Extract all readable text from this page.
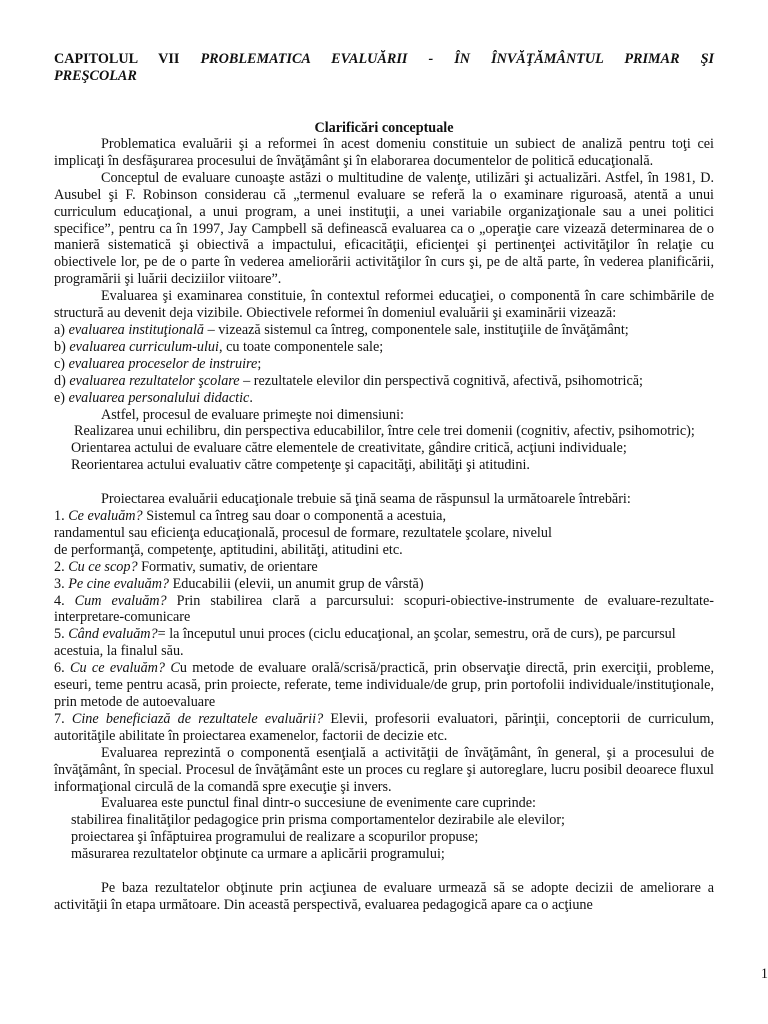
CAPITOLUL VII PROBLEMATICA EVALUĂRII - ÎN ÎNVĂŢĂMÂNTUL PRIMAR ŞI
PREŞCOLAR
Clarificări conceptuale

Problematica evaluării şi a reformei în acest domeniu constituie un subiect de analiză pentru toţi cei implicaţi în desfăşurarea procesului de învăţământ şi în elaborarea documentelor de politică educaţională.

Conceptul de evaluare cunoaşte astăzi o multitudine de valenţe, utilizări şi actualizări. Astfel, în 1981, D. Ausubel şi F. Robinson considerau că „termenul evaluare se referă la o examinare riguroasă, atentă a unui curriculum educaţional, a unui program, a unei instituţii, a unei variabile organizaţionale sau a unei politici specifice”, pentru ca în 1997, Jay Campbell să definească evaluarea ca o „operaţie care vizează determinarea de o manieră sistematică şi obiectivă a impactului, eficacităţii, eficienţei şi pertinenţei activităţilor în relaţie cu obiectivele lor, pe de o parte în vederea ameliorării activităţilor în curs şi, pe de altă parte, în vederea planificării, programării şi luării deciziilor viitoare”.

Evaluarea şi examinarea constituie, în contextul reformei educaţiei, o componentă în care schimbările de structură au devenit deja vizibile. Obiectivele reformei în domeniul evaluării şi examinării vizează:

a) evaluarea instituţională – vizează sistemul ca întreg, componentele sale, instituţiile de învăţământ;

b) evaluarea curriculum-ului, cu toate componentele sale;

c) evaluarea proceselor de instruire;

d) evaluarea rezultatelor şcolare – rezultatele elevilor din perspectivă cognitivă, afectivă, psihomotrică;

e) evaluarea personalului didactic.

Astfel, procesul de evaluare primeşte noi dimensiuni:

Realizarea unui echilibru, din perspectiva educabililor, între cele trei domenii (cognitiv, afectiv, psihomotric);

Orientarea actului de evaluare către elementele de creativitate, gândire critică, acţiuni individuale;

Reorientarea actului evaluativ către competenţe şi capacităţi, abilităţi şi atitudini.

Proiectarea evaluării educaţionale trebuie să ţină seama de răspunsul la următoarele întrebări:

1. Ce evaluăm? Sistemul ca întreg sau doar o componentă a acestuia,

randamentul sau eficienţa educaţională, procesul de formare, rezultatele şcolare, nivelul

de performanţă, competenţe, aptitudini, abilităţi, atitudini etc.

2. Cu ce scop? Formativ, sumativ, de orientare

3. Pe cine evaluăm? Educabilii (elevii, un anumit grup de vârstă)

4. Cum evaluăm? Prin stabilirea clară a parcursului: scopuri-obiective-instrumente de evaluare-rezultate-interpretare-comunicare

5. Când evaluăm?= la începutul unui proces (ciclu educaţional, an şcolar, semestru, oră de curs), pe parcursul acestuia, la finalul său.

6. Cu ce evaluăm? Cu metode de evaluare orală/scrisă/practică, prin observaţie directă, prin exerciţii, probleme, eseuri, teme pentru acasă, prin proiecte, referate, teme individuale/de grup, prin portofolii individuale/instituţionale, prin metode de autoevaluare

7. Cine beneficiază de rezultatele evaluării? Elevii, profesorii evaluatori, părinţii, conceptorii de curriculum, autorităţile abilitate în proiectarea examenelor, factorii de decizie etc.

Evaluarea reprezintă o componentă esenţială a activităţii de învăţământ, în general, şi a procesului de învăţământ, în special. Procesul de învăţământ este un proces cu reglare şi autoreglare, lucru posibil deoarece fluxul informaţional circulă de la comandă spre execuţie şi invers.

Evaluarea este punctul final dintr-o succesiune de evenimente care cuprinde:

stabilirea finalităţilor pedagogice prin prisma comportamentelor dezirabile ale elevilor;

proiectarea şi înfăptuirea programului de realizare a scopurilor propuse;

măsurarea rezultatelor obţinute ca urmare a aplicării programului;

Pe baza rezultatelor obţinute prin acţiunea de evaluare urmează să se adopte decizii de ameliorare a activităţii în etapa următoare. Din această perspectivă, evaluarea pedagogică apare ca o acţiune

1
